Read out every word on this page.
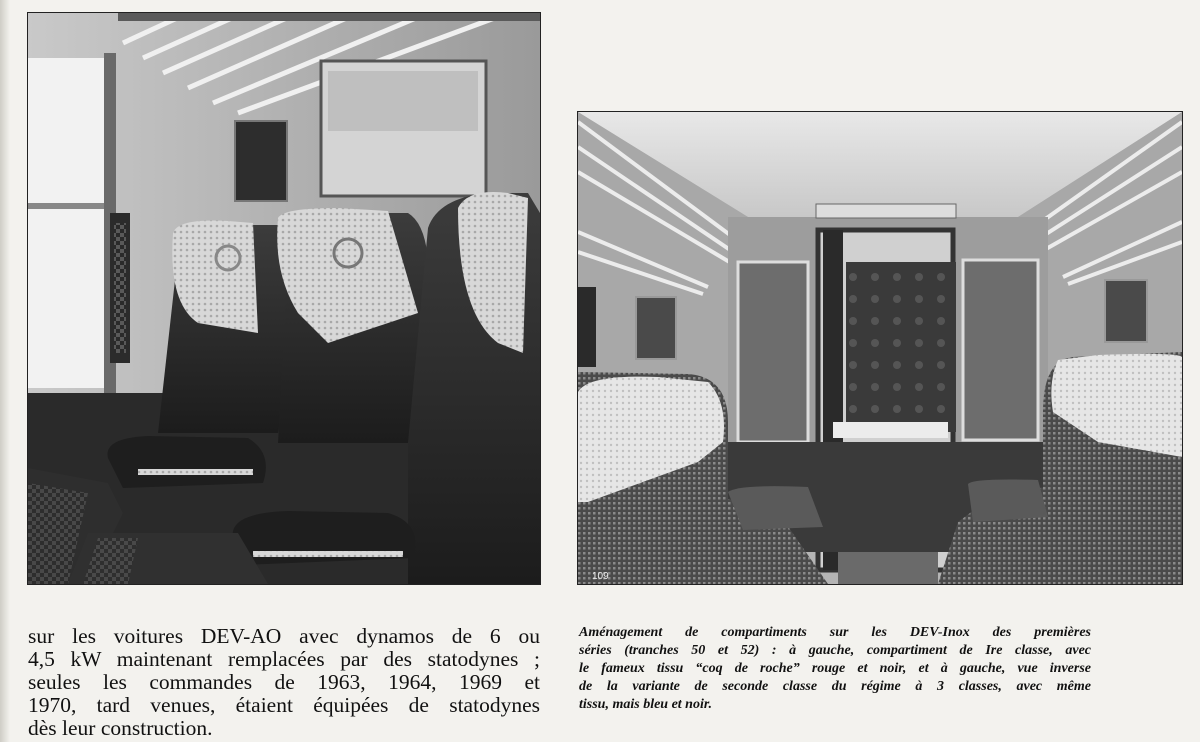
109

sur les voitures DEV-AO avec dynamos de 6 ou
4,5 kW maintenant remplacées par des statodynes ;
seules les commandes de 1963, 1964, 1969 et
1970, tard venues, étaient équipées de statodynes
dès leur construction.

Aménagement de compartiments sur les DEV-Inox des premières
séries (tranches 50 et 52) : à gauche, compartiment de Ire classe, avec
le fameux tissu “coq de roche” rouge et noir, et à gauche, vue inverse
de la variante de seconde classe du régime à 3 classes, avec même
tissu, mais bleu et noir.
